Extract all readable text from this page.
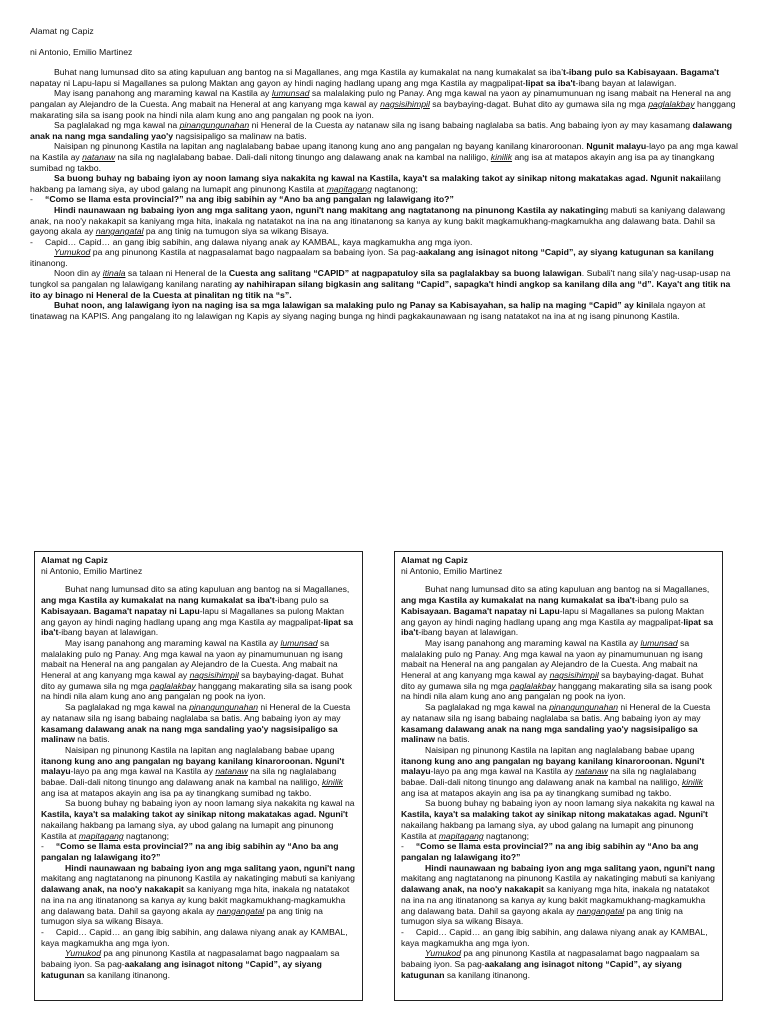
Alamat ng Capiz

ni Antonio, Emilio Martinez

Buhat nang lumunsad dito sa ating kapuluan ang bantog na si Magallanes, ang mga Kastila ay kumakalat na nang kumakalat sa iba’t-ibang pulo sa Kabisayaan. Bagama't napatay ni Lapu-lapu si Magallanes sa pulong Maktan ang gayon ay hindi naging hadlang upang ang mga Kastila ay magpalipat-lipat sa iba't-ibang bayan at lalawigan.

May isang panahong ang maraming kawal na Kastila ay lumunsad sa malalaking pulo ng Panay. Ang mga kawal na yaon ay pinamumunuan ng isang mabait na Heneral na ang pangalan ay Alejandro de la Cuesta. Ang mabait na Heneral at ang kanyang mga kawal ay nagsisihimpil sa baybaying-dagat. Buhat dito ay gumawa sila ng mga paglalakbay hanggang makarating sila sa isang pook na hindi nila alam kung ano ang pangalan ng pook na iyon.

Sa paglalakad ng mga kawal na pinangungunahan ni Heneral de la Cuesta ay natanaw sila ng isang babaing naglalaba sa batis. Ang babaing iyon ay may kasamang dalawang anak na nang mga sandaling yao'y nagsisipaligo sa malinaw na batis.

Naisipan ng pinunong Kastila na lapitan ang naglalabang babae upang itanong kung ano ang pangalan ng bayang kanilang kinaroroonan. Ngunit malayu-layo pa ang mga kawal na Kastila ay natanaw na sila ng naglalabang babae. Dali-dali nitong tinungo ang dalawang anak na kambal na naliligo, kinilik ang isa at matapos akayin ang isa pa ay tinangkang sumibad ng takbo.

Sa buong buhay ng babaing iyon ay noon lamang siya nakakita ng kawal na Kastila, kaya't sa malaking takot ay sinikap nitong makatakas agad. Ngunit nakaiilang hakbang pa lamang siya, ay ubod galang na lumapit ang pinunong Kastila at mapitagang nagtanong;

-     “Como se llama esta provincial?” na ang ibig sabihin ay “Ano ba ang pangalan ng lalawigang ito?”

Hindi naunawaan ng babaing iyon ang mga salitang yaon, nguni't nang makitang ang nagtatanong na pinunong Kastila ay nakatinging mabuti sa kaniyang dalawang anak, na noo'y nakakapit sa kaniyang mga hita, inakala ng natatakot na ina na ang itinatanong sa kanya ay kung bakit magkamukhang-magkamukha ang dalawang bata. Dahil sa gayong akala ay nangangatal pa ang tinig na tumugon siya sa wikang Bisaya.

-     Capid… Capid… an gang ibig sabihin, ang dalawa niyang anak ay KAMBAL, kaya magkamukha ang mga iyon.

Yumukod pa ang pinunong Kastila at nagpasalamat bago nagpaalam sa babaing iyon. Sa pag-aakalang ang isinagot nitong “Capid”, ay siyang katugunan sa kanilang itinanong.

Noon din ay itinala sa talaan ni Heneral de la Cuesta ang salitang “CAPID” at nagpapatuloy sila sa paglalakbay sa buong lalawigan. Subali't nang sila'y nag-usap-usap na tungkol sa pangalan ng lalawigang kanilang narating ay nahihirapan silang bigkasin ang salitang “Capid”, sapagka't hindi angkop sa kanilang dila ang “d”. Kaya't ang titik na ito ay binago ni Heneral de la Cuesta at pinalitan ng titik na “s”.

Buhat noon, ang lalawigang iyon na naging isa sa mga lalawigan sa malaking pulo ng Panay sa Kabisayahan, sa halip na maging “Capid” ay kinilala ngayon at tinatawag na KAPIS. Ang pangalang ito ng lalawigan ng Kapis ay siyang naging bunga ng hindi pagkakaunawaan ng isang natatakot na ina at ng isang pinunong Kastila.

Alamat ng Capiz

ni Antonio, Emilio Martinez

Buhat nang lumunsad dito sa ating kapuluan ang bantog na si Magallanes, ang mga Kastila ay kumakalat na nang kumakalat sa iba't-ibang pulo sa Kabisayaan. Bagama't napatay ni Lapu-lapu si Magallanes sa pulong Maktan ang gayon ay hindi naging hadlang upang ang mga Kastila ay magpalipat-lipat sa iba't-ibang bayan at lalawigan.

May isang panahong ang maraming kawal na Kastila ay lumunsad sa malalaking pulo ng Panay. Ang mga kawal na yaon ay pinamumunuan ng isang mabait na Heneral na ang pangalan ay Alejandro de la Cuesta. Ang mabait na Heneral at ang kanyang mga kawal ay nagsisihimpil sa baybaying-dagat. Buhat dito ay gumawa sila ng mga paglalakbay hanggang makarating sila sa isang pook na hindi nila alam kung ano ang pangalan ng pook na iyon.

Sa paglalakad ng mga kawal na pinangungunahan ni Heneral de la Cuesta ay natanaw sila ng isang babaing naglalaba sa batis. Ang babaing iyon ay may kasamang dalawang anak na nang mga sandaling yao'y nagsisipaligo sa malinaw na batis.

Naisipan ng pinunong Kastila na lapitan ang naglalabang babae upang itanong kung ano ang pangalan ng bayang kanilang kinaroroonan. Nguni't malayu-layo pa ang mga kawal na Kastila ay natanaw na sila ng naglalabang babae. Dali-dali nitong tinungo ang dalawang anak na kambal na naliligo, kinilik ang isa at matapos akayin ang isa pa ay tinangkang sumibad ng takbo.

Sa buong buhay ng babaing iyon ay noon lamang siya nakakita ng kawal na Kastila, kaya't sa malaking takot ay sinikap nitong makatakas agad. Nguni't nakailang hakbang pa lamang siya, ay ubod galang na lumapit ang pinunong Kastila at mapitagang nagtanong;

-     “Como se llama esta provincial?” na ang ibig sabihin ay “Ano ba ang pangalan ng lalawigang ito?”

Hindi naunawaan ng babaing iyon ang mga salitang yaon, nguni't nang makitang ang nagtatanong na pinunong Kastila ay nakatinging mabuti sa kaniyang dalawang anak, na noo'y nakakapit sa kaniyang mga hita, inakala ng natatakot na ina na ang itinatanong sa kanya ay kung bakit magkamukhang-magkamukha ang dalawang bata. Dahil sa gayong akala ay nangangatal pa ang tinig na tumugon siya sa wikang Bisaya.

-     Capid… Capid… an gang ibig sabihin, ang dalawa niyang anak ay KAMBAL, kaya magkamukha ang mga iyon.

Yumukod pa ang pinunong Kastila at nagpasalamat bago nagpaalam sa babaing iyon. Sa pag-aakalang ang isinagot nitong “Capid”, ay siyang katugunan sa kanilang itinanong.

Alamat ng Capiz

ni Antonio, Emilio Martinez

Buhat nang lumunsad dito sa ating kapuluan ang bantog na si Magallanes, ang mga Kastila ay kumakalat na nang kumakalat sa iba't-ibang pulo sa Kabisayaan. Bagama't napatay ni Lapu-lapu si Magallanes sa pulong Maktan ang gayon ay hindi naging hadlang upang ang mga Kastila ay magpalipat-lipat sa iba't-ibang bayan at lalawigan.

May isang panahong ang maraming kawal na Kastila ay lumunsad sa malalaking pulo ng Panay. Ang mga kawal na yaon ay pinamumunuan ng isang mabait na Heneral na ang pangalan ay Alejandro de la Cuesta. Ang mabait na Heneral at ang kanyang mga kawal ay nagsisihimpil sa baybaying-dagat. Buhat dito ay gumawa sila ng mga paglalakbay hanggang makarating sila sa isang pook na hindi nila alam kung ano ang pangalan ng pook na iyon.

Sa paglalakad ng mga kawal na pinangungunahan ni Heneral de la Cuesta ay natanaw sila ng isang babaing naglalaba sa batis. Ang babaing iyon ay may kasamang dalawang anak na nang mga sandaling yao'y nagsisipaligo sa malinaw na batis.

Naisipan ng pinunong Kastila na lapitan ang naglalabang babae upang itanong kung ano ang pangalan ng bayang kanilang kinaroroonan. Nguni't malayu-layo pa ang mga kawal na Kastila ay natanaw na sila ng naglalabang babae. Dali-dali nitong tinungo ang dalawang anak na kambal na naliligo, kinilik ang isa at matapos akayin ang isa pa ay tinangkang sumibad ng takbo.

Sa buong buhay ng babaing iyon ay noon lamang siya nakakita ng kawal na Kastila, kaya't sa malaking takot ay sinikap nitong makatakas agad. Nguni't nakailang hakbang pa lamang siya, ay ubod galang na lumapit ang pinunong Kastila at mapitagang nagtanong;

-     “Como se llama esta provincial?” na ang ibig sabihin ay “Ano ba ang pangalan ng lalawigang ito?”

Hindi naunawaan ng babaing iyon ang mga salitang yaon, nguni't nang makitang ang nagtatanong na pinunong Kastila ay nakatinging mabuti sa kaniyang dalawang anak, na noo'y nakakapit sa kaniyang mga hita, inakala ng natatakot na ina na ang itinatanong sa kanya ay kung bakit magkamukhang-magkamukha ang dalawang bata. Dahil sa gayong akala ay nangangatal pa ang tinig na tumugon siya sa wikang Bisaya.

-     Capid… Capid… an gang ibig sabihin, ang dalawa niyang anak ay KAMBAL, kaya magkamukha ang mga iyon.

Yumukod pa ang pinunong Kastila at nagpasalamat bago nagpaalam sa babaing iyon. Sa pag-aakalang ang isinagot nitong “Capid”, ay siyang katugunan sa kanilang itinanong.
